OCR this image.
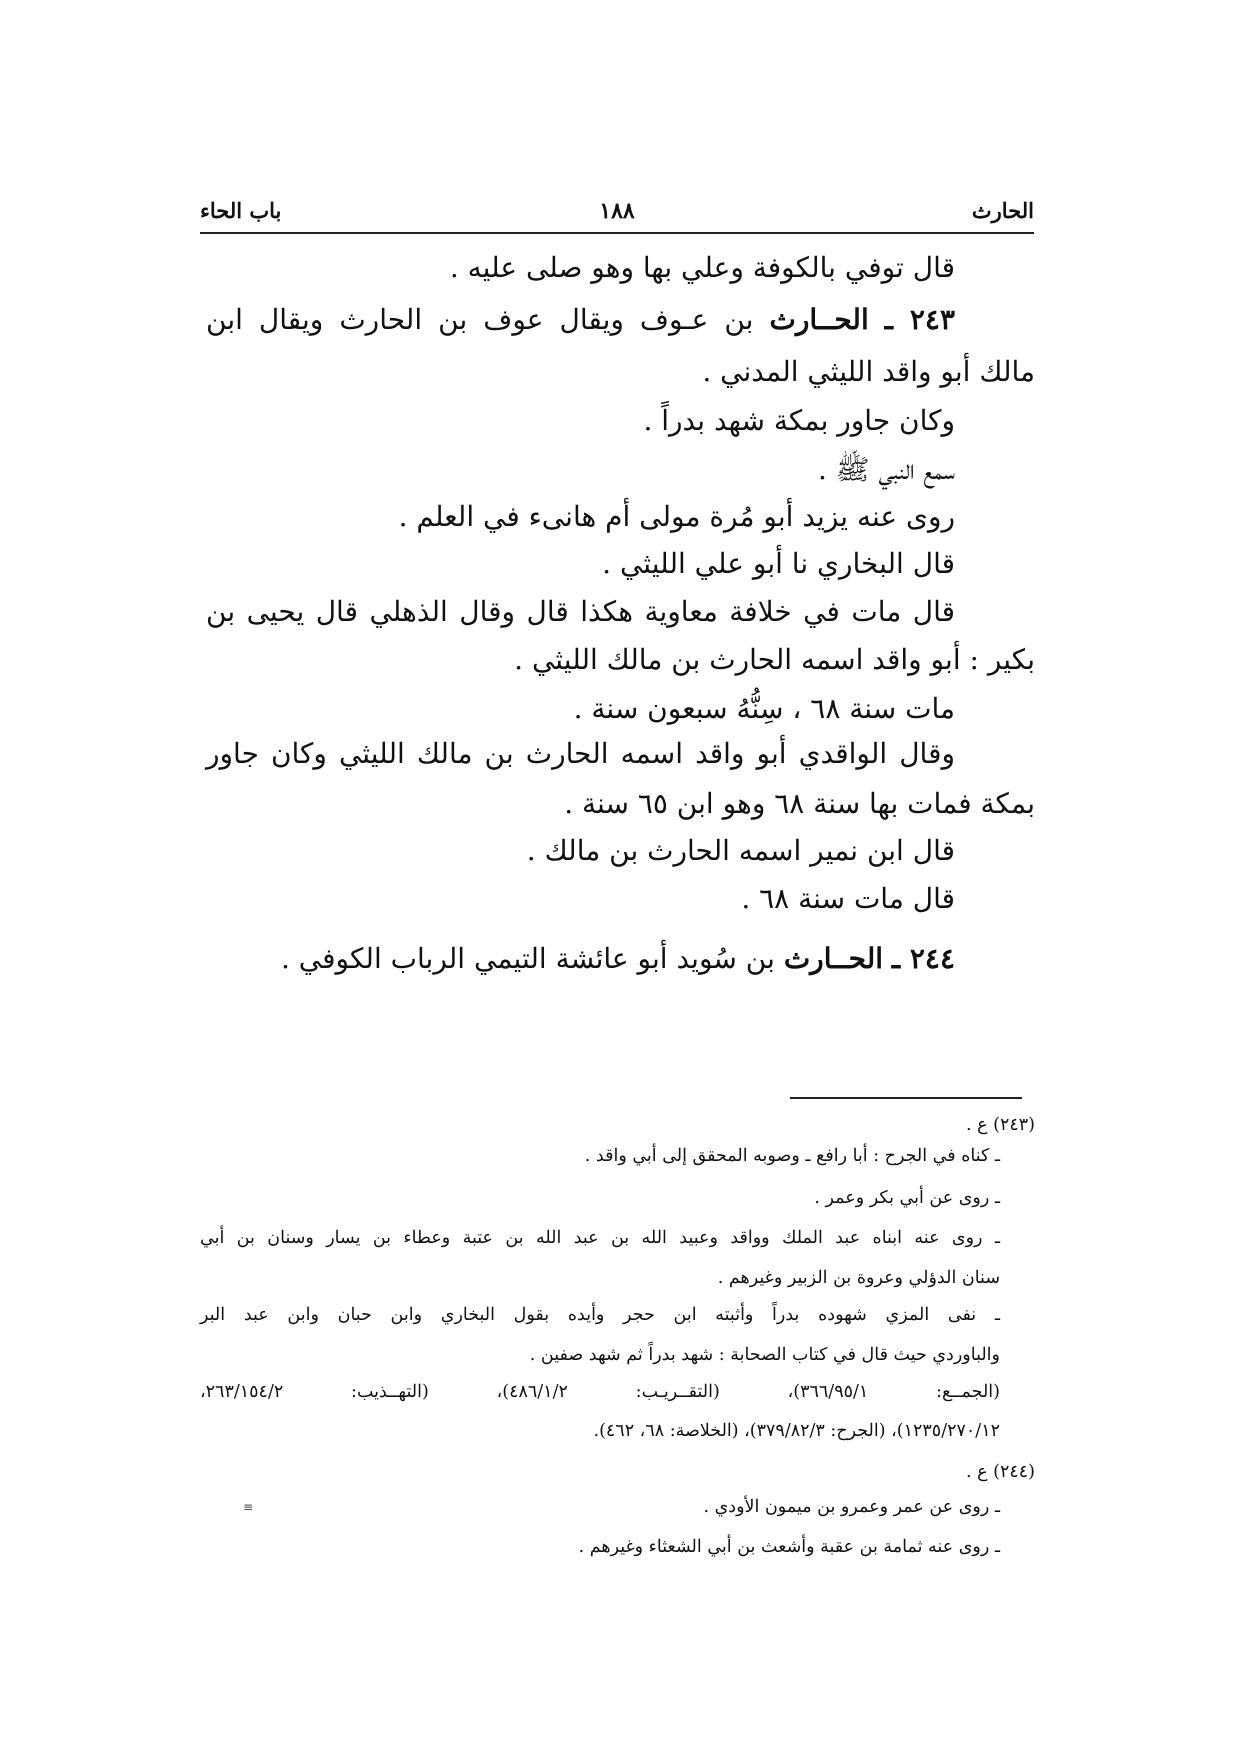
الحارث
١٨٨
باب الحاء
قال توفي بالكوفة وعلي بها وهو صلى عليه .
٢٤٣ ـ الحــارث بن عـوف ويقال عوف بن الحارث ويقال ابن
مالك أبو واقد الليثي المدني .
وكان جاور بمكة شهد بدراً .
سمع النبي ﷺ .
روى عنه يزيد أبو مُرة مولى أم هانىء في العلم .
قال البخاري نا أبو علي الليثي .
قال مات في خلافة معاوية هكذا قال وقال الذهلي قال يحيى بن
بكير : أبو واقد اسمه الحارث بن مالك الليثي .
مات سنة ٦٨ ، سِنُّهُ سبعون سنة .
وقال الواقدي أبو واقد اسمه الحارث بن مالك الليثي وكان جاور
بمكة فمات بها سنة ٦٨ وهو ابن ٦٥ سنة .
قال ابن نمير اسمه الحارث بن مالك .
قال مات سنة ٦٨ .
٢٤٤ ـ الحــارث بن سُويد أبو عائشة التيمي الرباب الكوفي .
(٢٤٣) ع .
ـ كناه في الجرح : أبا رافع ـ وصوبه المحقق إلى أبي واقد .
ـ روى عن أبي بكر وعمر .
ـ روى عنه ابناه عبد الملك وواقد وعبيد الله بن عبد الله بن عتبة وعطاء بن يسار وسنان بن أبي
سنان الدؤلي وعروة بن الزبير وغيرهم .
ـ نفى المزي شهوده بدراً وأثبته ابن حجر وأيده بقول البخاري وابن حبان وابن عبد البر
والباوردي حيث قال في كتاب الصحابة : شهد بدراً ثم شهد صفين .
(الجمــع: ٣٦٦/٩٥/١)، (التقــريـب: ٤٨٦/١/٢)، (التهــذيب: ٢٦٣/١٥٤/٢،
١٢٣٥/٢٧٠/١٢)، (الجرح: ٣٧٩/٨٢/٣)، (الخلاصة: ٦٨، ٤٦٢).
(٢٤٤) ع .
ـ روى عن عمر وعمرو بن ميمون الأودي .
ـ روى عنه ثمامة بن عقبة وأشعث بن أبي الشعثاء وغيرهم .
≡
